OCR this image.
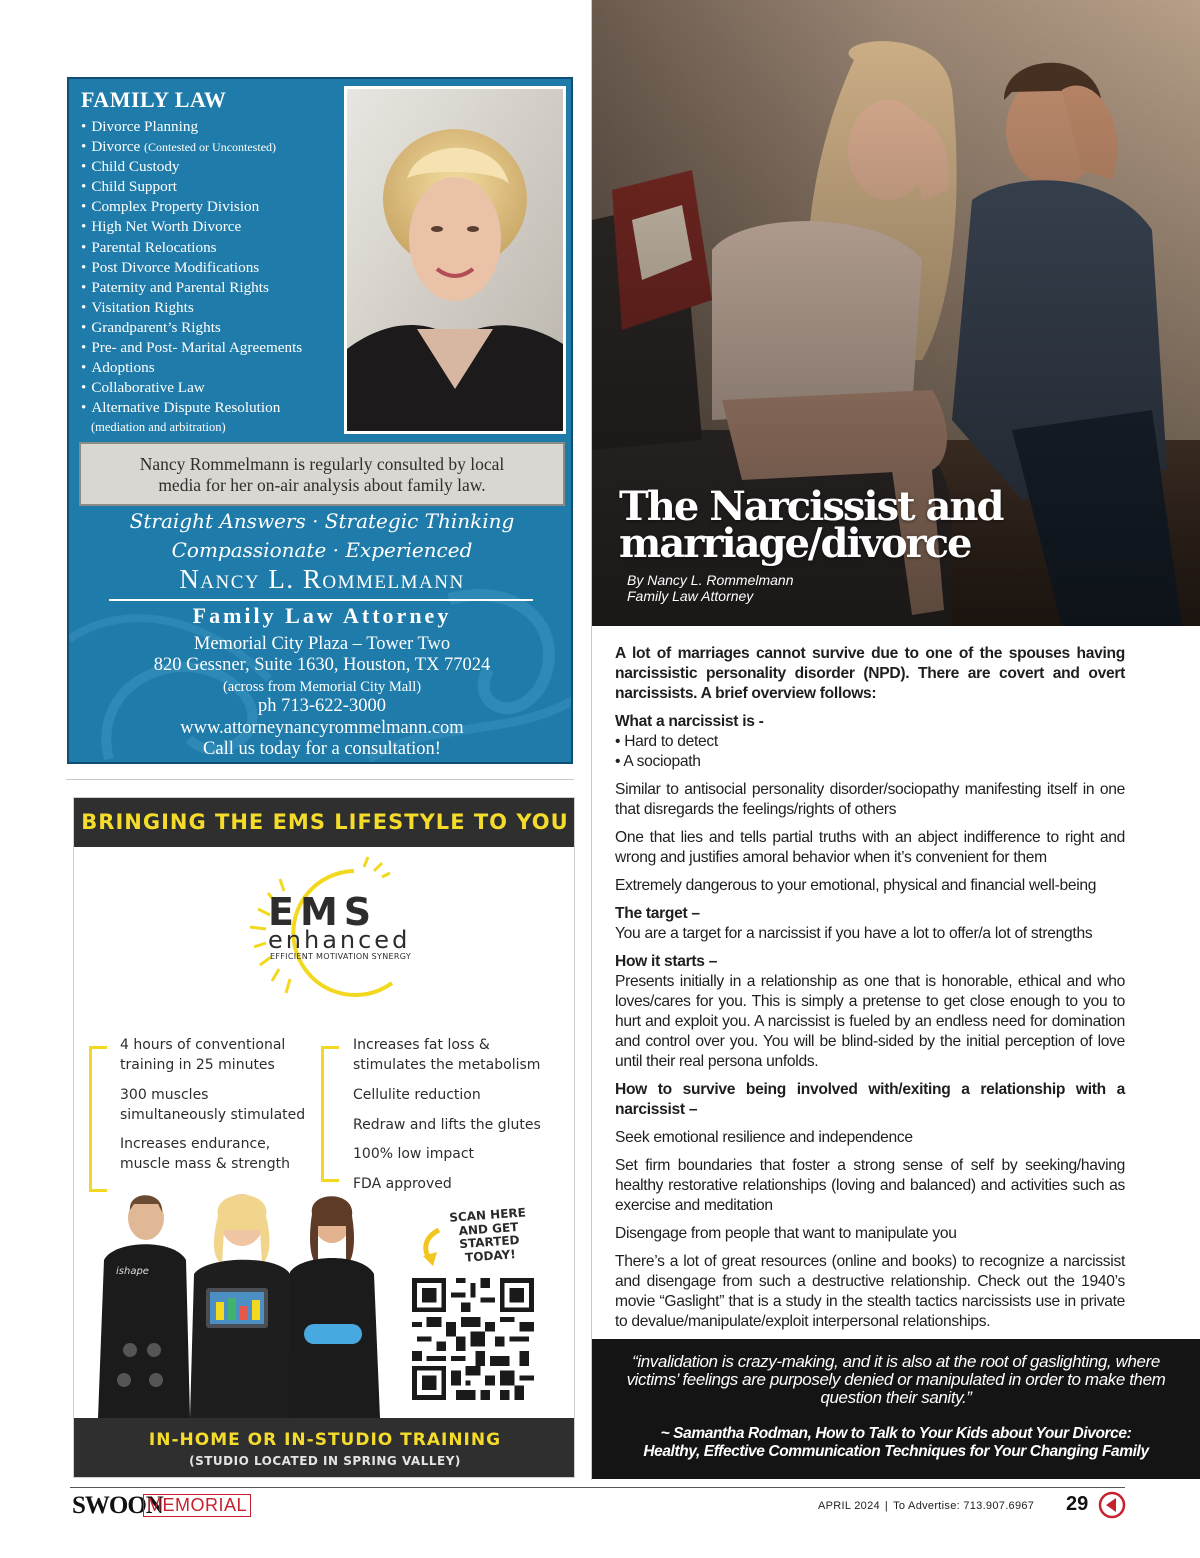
FAMILY LAW
• Divorce Planning
• Divorce (Contested or Uncontested)
• Child Custody
• Child Support
• Complex Property Division
• High Net Worth Divorce
• Parental Relocations
• Post Divorce Modifications
• Paternity and Parental Rights
• Visitation Rights
• Grandparent’s Rights
• Pre- and Post- Marital Agreements
• Adoptions
• Collaborative Law
• Alternative Dispute Resolution
(mediation and arbitration)
Nancy Rommelmann is regularly consulted by local
media for her on-air analysis about family law.
Straight Answers · Strategic Thinking
Compassionate · Experienced
Nancy L. Rommelmann
Family Law Attorney
Memorial City Plaza – Tower Two
820 Gessner, Suite 1630, Houston, TX 77024
(across from Memorial City Mall)
ph 713-622-3000
www.attorneynancyrommelmann.com
Call us today for a consultation!
BRINGING THE EMS LIFESTYLE TO YOU
EMS
enhanced
EFFICIENT MOTIVATION SYNERGY
4 hours of conventional
training in 25 minutes
300 muscles
simultaneously stimulated
Increases endurance,
muscle mass & strength
Increases fat loss &
stimulates the metabolism
Cellulite reduction
Redraw and lifts the glutes
100% low impact
FDA approved
ishape
SCAN HERE
AND GET
STARTED
TODAY!
IN-HOME OR IN-STUDIO TRAINING
(STUDIO LOCATED IN SPRING VALLEY)
The Narcissist and
marriage/divorce
By Nancy L. Rommelmann
Family Law Attorney

A lot of marriages cannot survive due to one of the spouses having narcissistic personality disorder (NPD). There are covert and overt narcissists. A brief overview follows:

What a narcissist is -

• Hard to detect

• A sociopath

Similar to antisocial personality disorder/sociopathy manifesting itself in one that disregards the feelings/rights of others

One that lies and tells partial truths with an abject indifference to right and wrong and justifies amoral behavior when it’s convenient for them

Extremely dangerous to your emotional, physical and financial well-being

The target –

You are a target for a narcissist if you have a lot to offer/a lot of strengths

How it starts –

Presents initially in a relationship as one that is honorable, ethical and who loves/cares for you. This is simply a pretense to get close enough to you to hurt and exploit you. A narcissist is fueled by an endless need for domination and control over you. You will be blind-sided by the initial perception of love until their real persona unfolds.

How to survive being involved with/exiting a relationship with a narcissist –

Seek emotional resilience and independence

Set firm boundaries that foster a strong sense of self by seeking/having healthy restorative relationships (loving and balanced) and activities such as exercise and meditation

Disengage from people that want to manipulate you

There’s a lot of great resources (online and books) to recognize a narcissist and disengage from such a destructive relationship. Check out the 1940’s movie “Gaslight” that is a study in the stealth tactics narcissists use in private to devalue/manipulate/exploit interpersonal relationships.

“invalidation is crazy-making, and it is also at the root of gaslighting, where victims’ feelings are purposely denied or manipulated in order to make them question their sanity.”
~ Samantha Rodman, How to Talk to Your Kids about Your Divorce:
Healthy, Effective Communication Techniques for Your Changing Family
SWOON
MEMORIAL	APRIL 2024 | To Advertise: 713.907.6967 29
